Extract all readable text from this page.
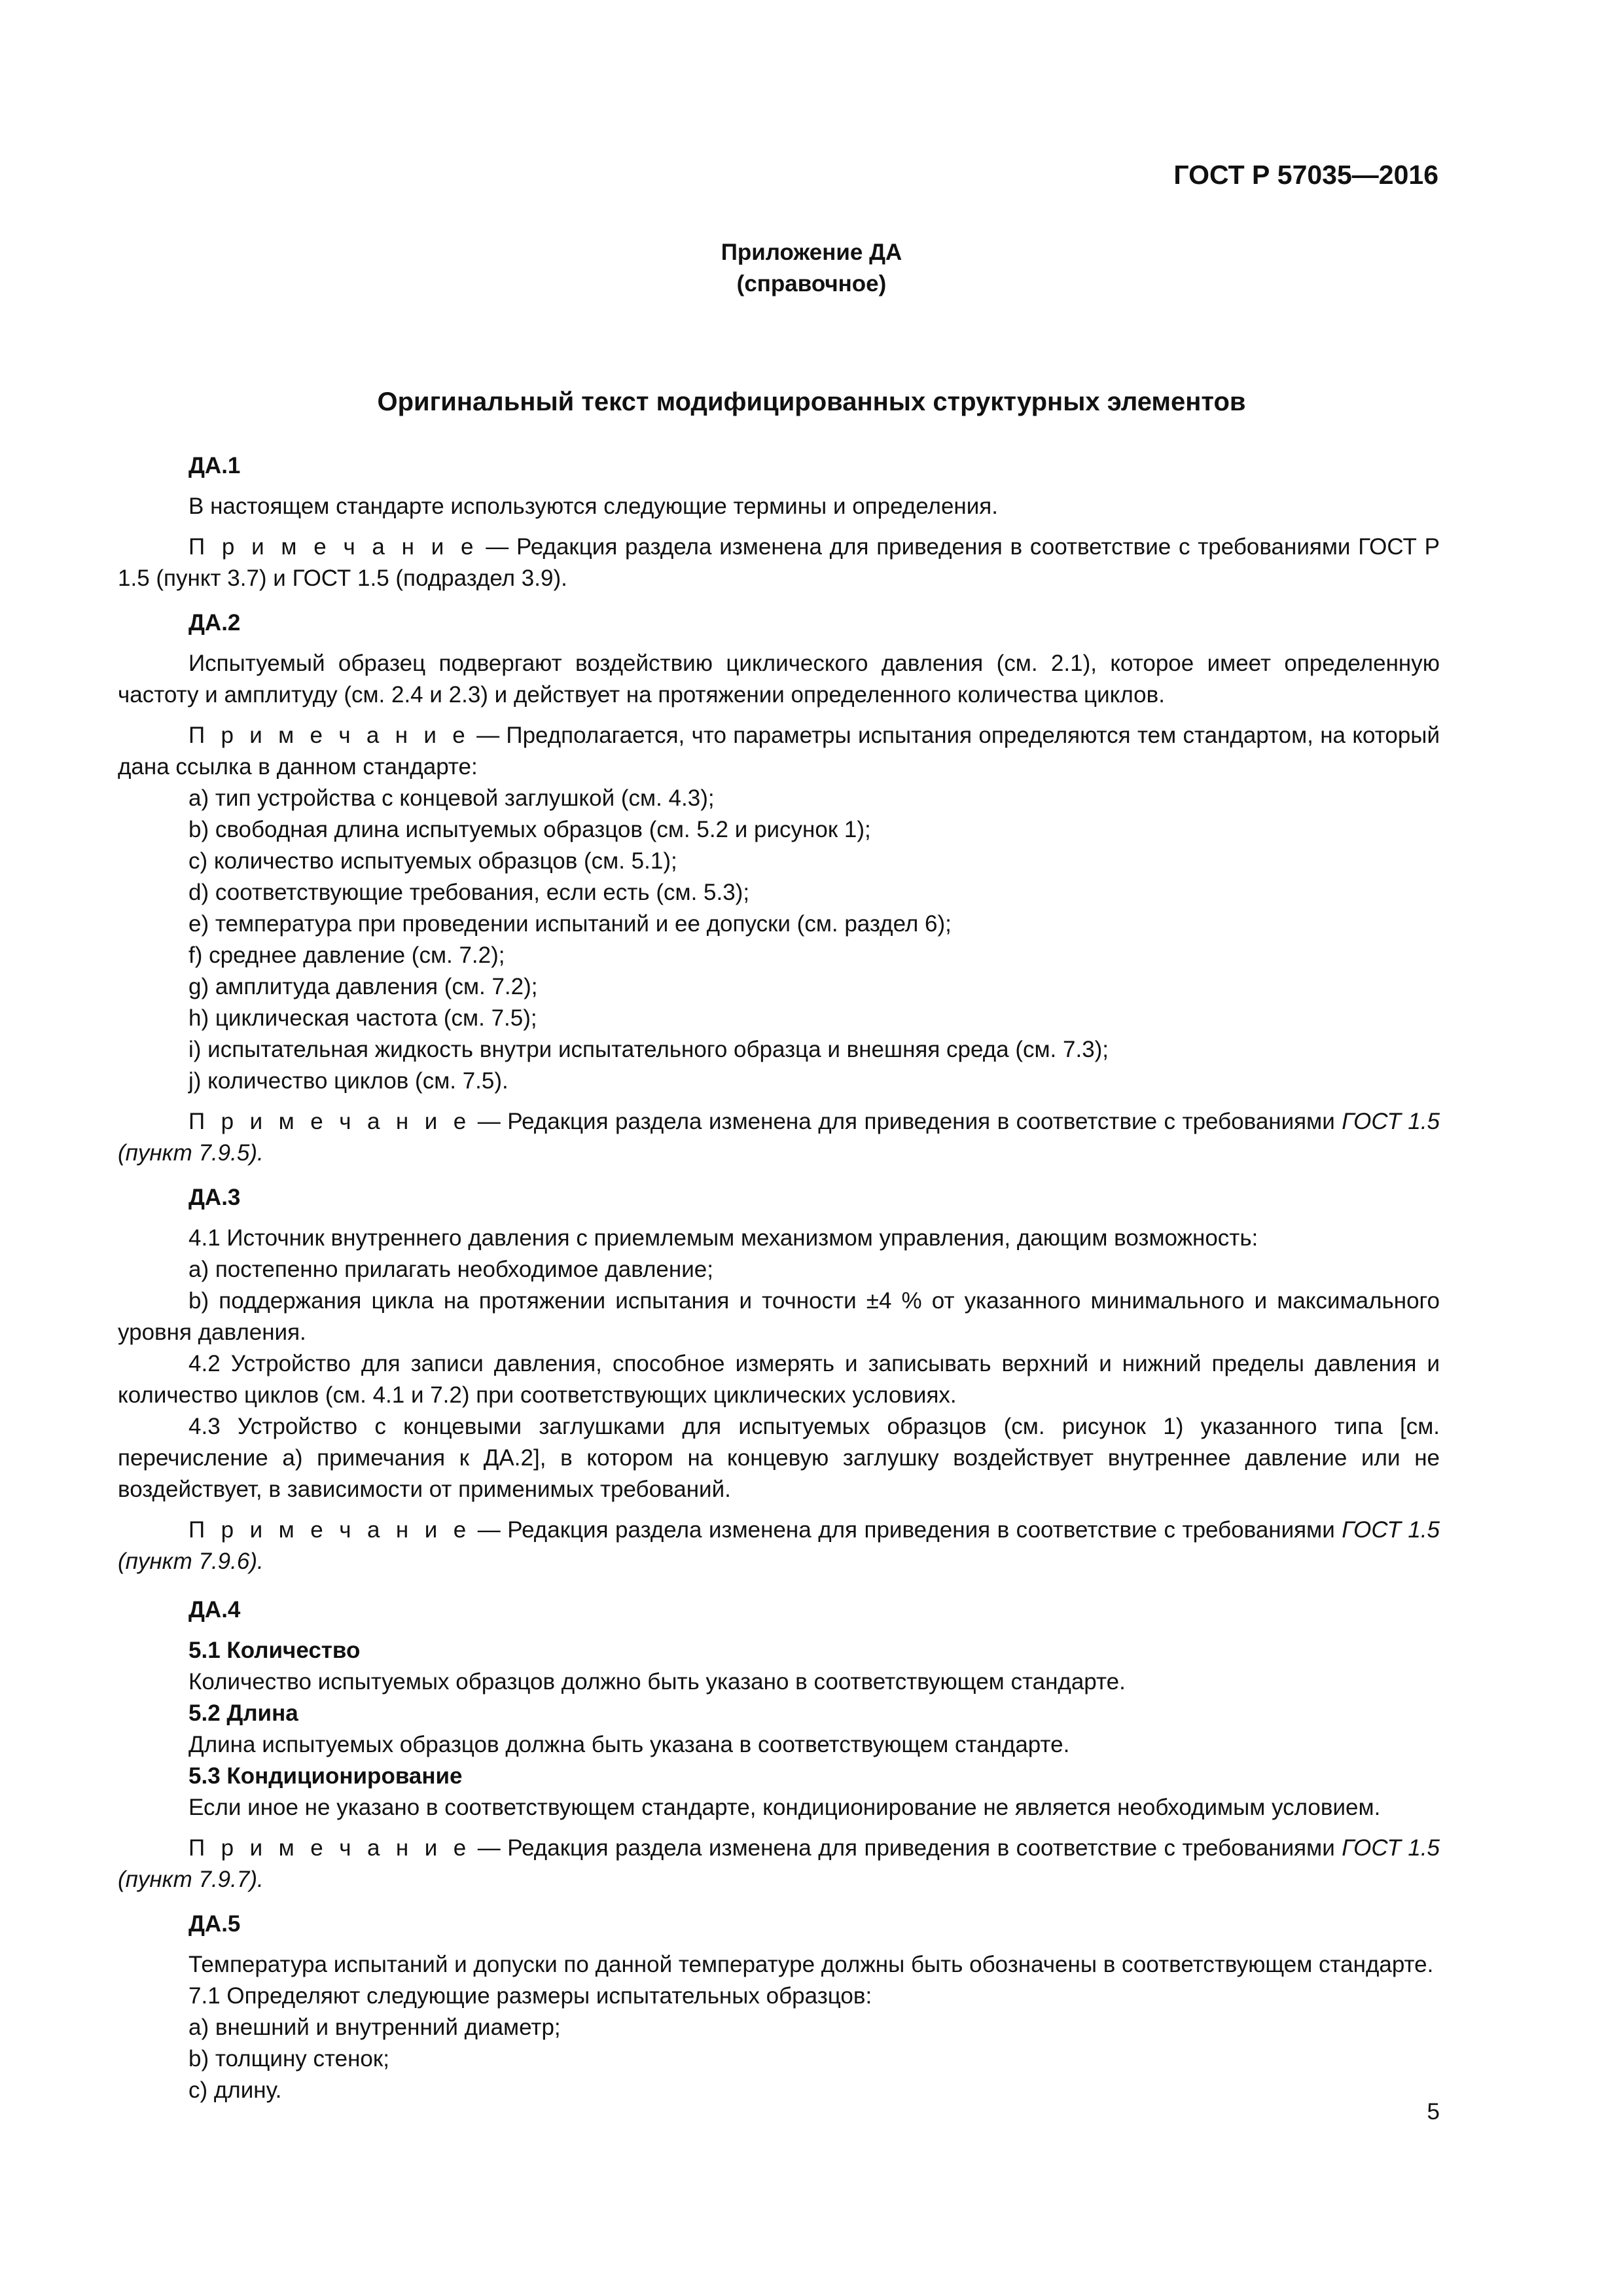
ГОСТ Р 57035—2016
Приложение ДА
(справочное)
Оригинальный текст модифицированных структурных элементов

ДА.1

В настоящем стандарте используются следующие термины и определения.

П р и м е ч а н и е — Редакция раздела изменена для приведения в соответствие с требованиями ГОСТ Р 1.5 (пункт 3.7) и ГОСТ 1.5 (подраздел 3.9).

ДА.2

Испытуемый образец подвергают воздействию циклического давления (см. 2.1), которое имеет определенную частоту и амплитуду (см. 2.4 и 2.3) и действует на протяжении определенного количества циклов.

П р и м е ч а н и е — Предполагается, что параметры испытания определяются тем стандартом, на который дана ссылка в данном стандарте:

a) тип устройства с концевой заглушкой (см. 4.3);

b) свободная длина испытуемых образцов (см. 5.2 и рисунок 1);

c) количество испытуемых образцов (см. 5.1);

d) соответствующие требования, если есть (см. 5.3);

e) температура при проведении испытаний и ее допуски (см. раздел 6);

f) среднее давление (см. 7.2);

g) амплитуда давления (см. 7.2);

h) циклическая частота (см. 7.5);

i) испытательная жидкость внутри испытательного образца и внешняя среда (см. 7.3);

j) количество циклов (см. 7.5).

П р и м е ч а н и е — Редакция раздела изменена для приведения в соответствие с требованиями ГОСТ 1.5 (пункт 7.9.5).

ДА.3

4.1 Источник внутреннего давления с приемлемым механизмом управления, дающим возможность:

a) постепенно прилагать необходимое давление;

b) поддержания цикла на протяжении испытания и точности ±4 % от указанного минимального и максимального уровня давления.

4.2 Устройство для записи давления, способное измерять и записывать верхний и нижний пределы давления и количество циклов (см. 4.1 и 7.2) при соответствующих циклических условиях.

4.3 Устройство с концевыми заглушками для испытуемых образцов (см. рисунок 1) указанного типа [см. перечисление а) примечания к ДА.2], в котором на концевую заглушку воздействует внутреннее давление или не воздействует, в зависимости от применимых требований.

П р и м е ч а н и е — Редакция раздела изменена для приведения в соответствие с требованиями ГОСТ 1.5 (пункт 7.9.6).

ДА.4

5.1 Количество

Количество испытуемых образцов должно быть указано в соответствующем стандарте.

5.2 Длина

Длина испытуемых образцов должна быть указана в соответствующем стандарте.

5.3 Кондиционирование

Если иное не указано в соответствующем стандарте, кондиционирование не является необходимым условием.

П р и м е ч а н и е — Редакция раздела изменена для приведения в соответствие с требованиями ГОСТ 1.5 (пункт 7.9.7).

ДА.5

Температура испытаний и допуски по данной температуре должны быть обозначены в соответствующем стандарте.

7.1 Определяют следующие размеры испытательных образцов:

a) внешний и внутренний диаметр;

b) толщину стенок;

c) длину.

5
